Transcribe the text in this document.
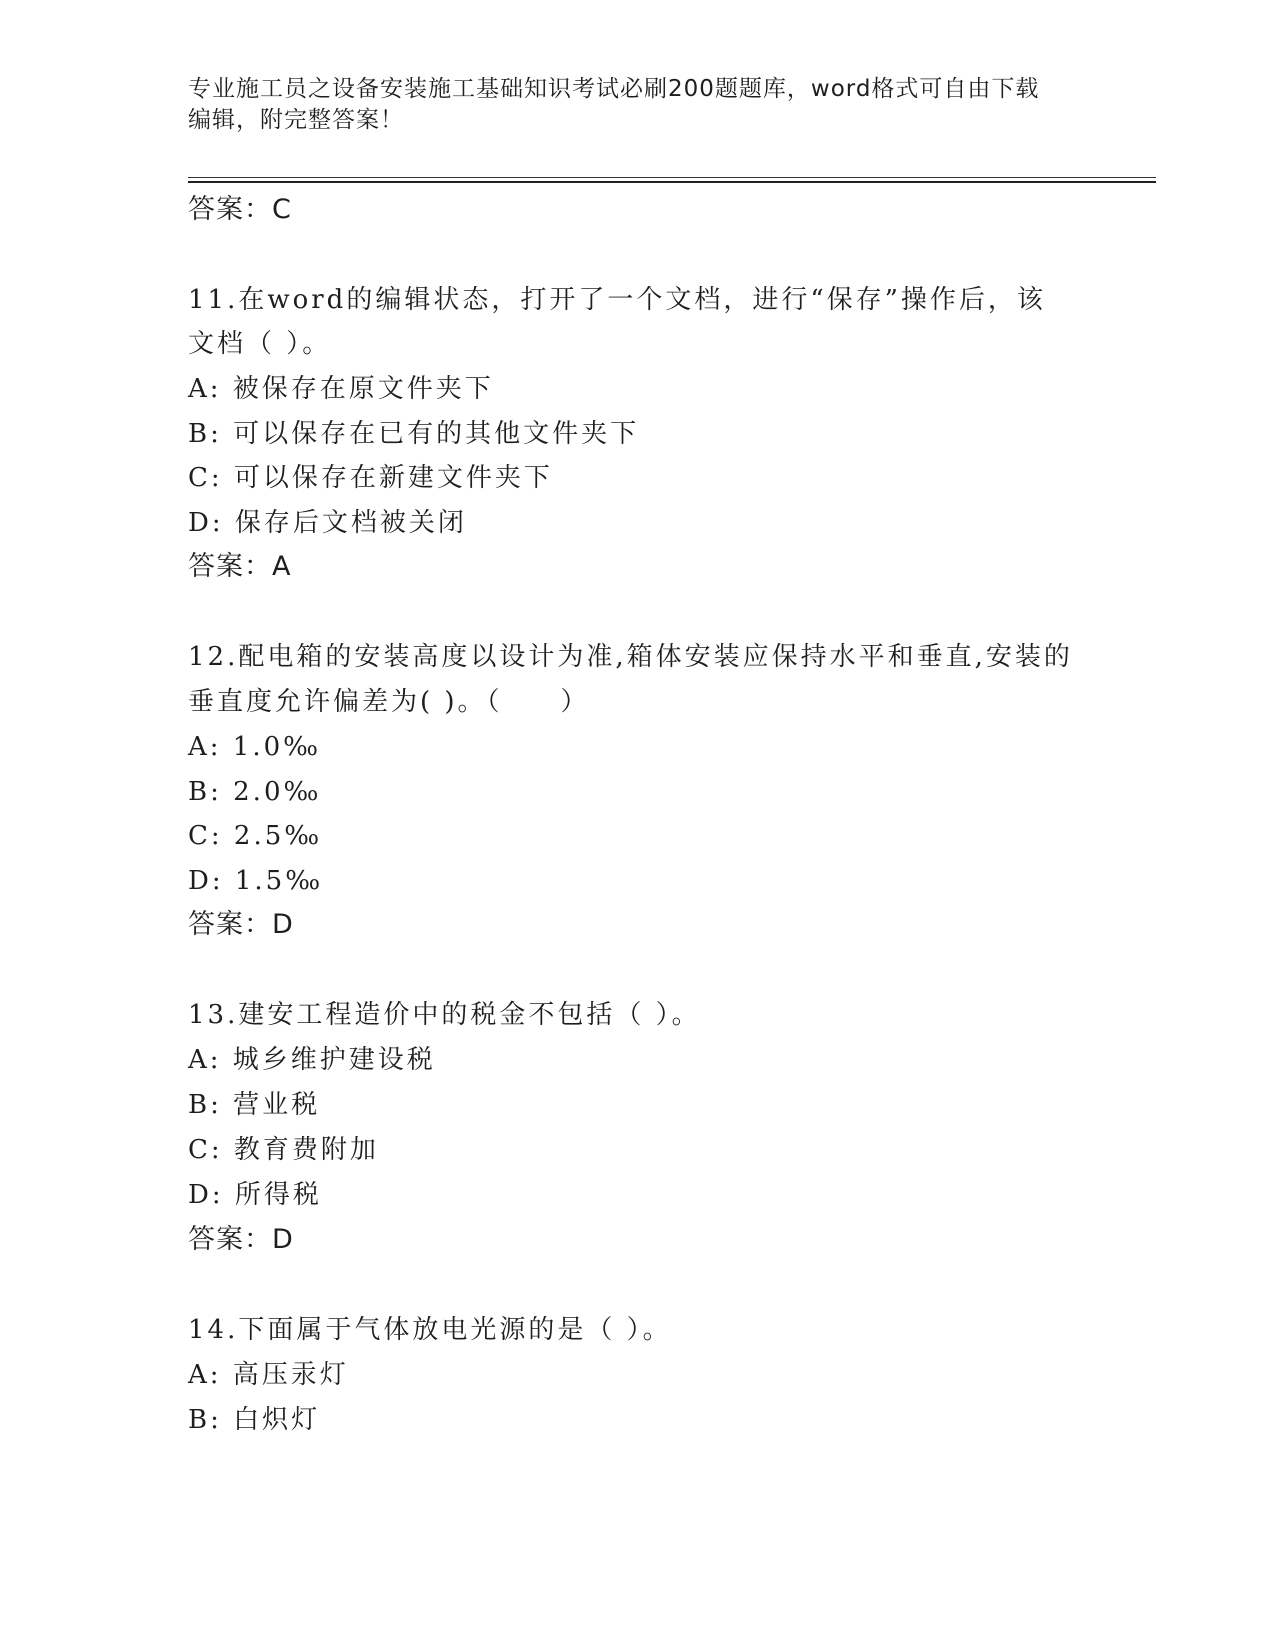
专业施工员之设备安装施工基础知识考试必刷200题题库，word格式可自由下载
编辑，附完整答案！
答案：C
11.在word的编辑状态，打开了一个文档，进行“保存”操作后，该
文档（ ）。
A: 被保存在原文件夹下
B: 可以保存在已有的其他文件夹下
C: 可以保存在新建文件夹下
D: 保存后文档被关闭
答案：A
12.配电箱的安装高度以设计为准,箱体安装应保持水平和垂直,安装的
垂直度允许偏差为( )。（　　）
A: 1.0‰
B: 2.0‰
C: 2.5‰
D: 1.5‰
答案：D
13.建安工程造价中的税金不包括（ ）。
A: 城乡维护建设税
B: 营业税
C: 教育费附加
D: 所得税
答案：D
14.下面属于气体放电光源的是（ ）。
A: 高压汞灯
B: 白炽灯
